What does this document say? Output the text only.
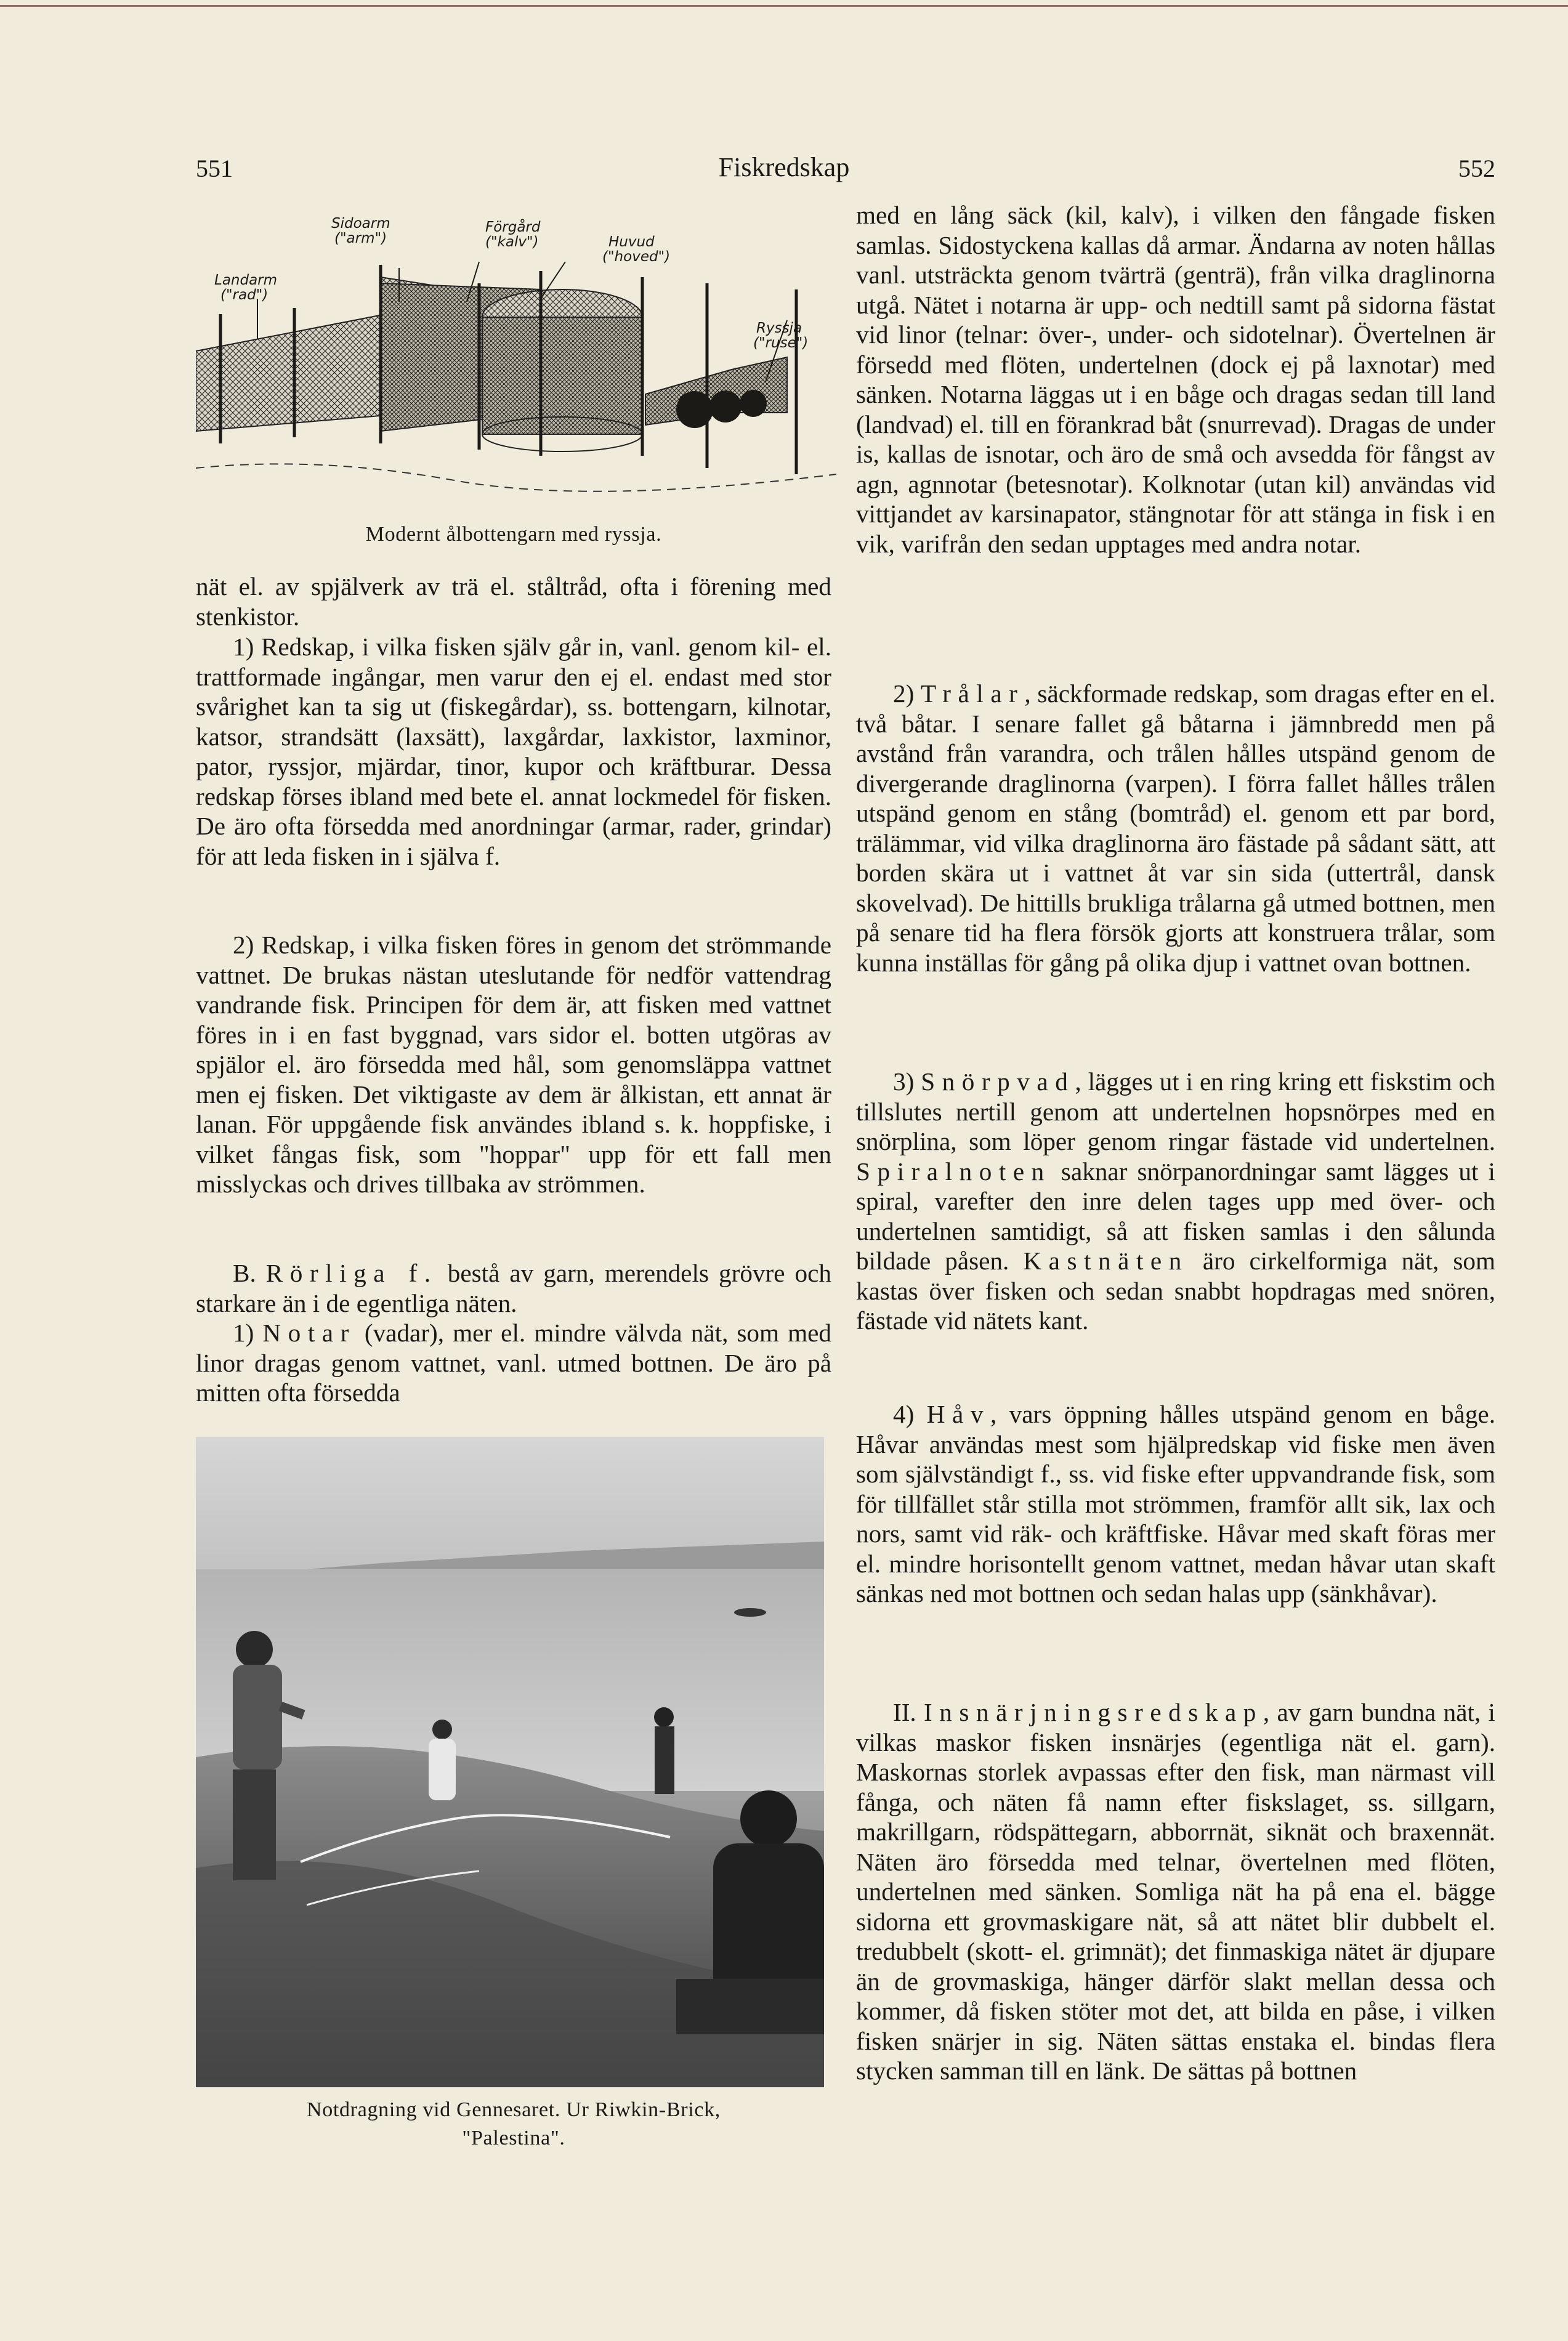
551	Fiskredskap	552
Landarm
("rad")
Sidoarm
("arm")
Förgård
("kalv")	Huvud
("hoved")
Ryssja
("ruse")

Modernt ålbottengarn med ryssja.

nät el. av spjälverk av trä el. ståltråd, ofta i förening med stenkistor.

1) Redskap, i vilka fisken själv går in, vanl. genom kil- el. trattformade ingångar, men varur den ej el. endast med stor svårighet kan ta sig ut (fiskegårdar), ss. bottengarn, kilnotar, katsor, strandsätt (laxsätt), laxgårdar, laxkistor, laxminor, pator, ryssjor, mjärdar, tinor, kupor och kräftburar. Dessa redskap förses ibland med bete el. annat lockmedel för fisken. De äro ofta försedda med anordningar (armar, rader, grindar) för att leda fisken in i själva f.

2) Redskap, i vilka fisken föres in genom det strömmande vattnet. De brukas nästan uteslutande för nedför vattendrag vandrande fisk. Principen för dem är, att fisken med vattnet föres in i en fast byggnad, vars sidor el. botten utgöras av spjälor el. äro försedda med hål, som genomsläppa vattnet men ej fisken. Det viktigaste av dem är ålkistan, ett annat är lanan. För uppgående fisk användes ibland s. k. hoppfiske, i vilket fångas fisk, som "hoppar" upp för ett fall men misslyckas och drives tillbaka av strömmen.

B. Rörliga f. bestå av garn, merendels grövre och starkare än i de egentliga näten.

1) Notar (vadar), mer el. mindre välvda nät, som med linor dragas genom vattnet, vanl. utmed bottnen. De äro på mitten ofta försedda

Notdragning vid Gennesaret. Ur Riwkin-Brick,

"Palestina".

med en lång säck (kil, kalv), i vilken den fångade fisken samlas. Sidostyckena kallas då armar. Ändarna av noten hållas vanl. utsträckta genom tvärträ (genträ), från vilka draglinorna utgå. Nätet i notarna är upp- och nedtill samt på sidorna fästat vid linor (telnar: över-, under- och sidotelnar). Övertelnen är försedd med flöten, undertelnen (dock ej på laxnotar) med sänken. Notarna läggas ut i en båge och dragas sedan till land (landvad) el. till en förankrad båt (snurrevad). Dragas de under is, kallas de isnotar, och äro de små och avsedda för fångst av agn, agnnotar (betesnotar). Kolknotar (utan kil) användas vid vittjandet av karsinapator, stängnotar för att stänga in fisk i en vik, varifrån den sedan upptages med andra notar.

2) Trålar, säckformade redskap, som dragas efter en el. två båtar. I senare fallet gå båtarna i jämnbredd men på avstånd från varandra, och trålen hålles utspänd genom de divergerande draglinorna (varpen). I förra fallet hålles trålen utspänd genom en stång (bomtråd) el. genom ett par bord, trälämmar, vid vilka draglinorna äro fästade på sådant sätt, att borden skära ut i vattnet åt var sin sida (uttertrål, dansk skovelvad). De hittills brukliga trålarna gå utmed bottnen, men på senare tid ha flera försök gjorts att konstruera trålar, som kunna inställas för gång på olika djup i vattnet ovan bottnen.

3) Snörpvad, lägges ut i en ring kring ett fiskstim och tillslutes nertill genom att undertelnen hopsnörpes med en snörplina, som löper genom ringar fästade vid undertelnen. Spiralnoten saknar snörpanordningar samt lägges ut i spiral, varefter den inre delen tages upp med över- och undertelnen samtidigt, så att fisken samlas i den sålunda bildade påsen. Kastnäten äro cirkelformiga nät, som kastas över fisken och sedan snabbt hopdragas med snören, fästade vid nätets kant.

4) Håv, vars öppning hålles utspänd genom en båge. Håvar användas mest som hjälpredskap vid fiske men även som självständigt f., ss. vid fiske efter uppvandrande fisk, som för tillfället står stilla mot strömmen, framför allt sik, lax och nors, samt vid räk- och kräftfiske. Håvar med skaft föras mer el. mindre horisontellt genom vattnet, medan håvar utan skaft sänkas ned mot bottnen och sedan halas upp (sänkhåvar).

II. Insnärjningsredskap, av garn bundna nät, i vilkas maskor fisken insnärjes (egentliga nät el. garn). Maskornas storlek avpassas efter den fisk, man närmast vill fånga, och näten få namn efter fiskslaget, ss. sillgarn, makrillgarn, rödspättegarn, abborrnät, siknät och braxennät. Näten äro försedda med telnar, övertelnen med flöten, undertelnen med sänken. Somliga nät ha på ena el. bägge sidorna ett grovmaskigare nät, så att nätet blir dubbelt el. tredubbelt (skott- el. grimnät); det finmaskiga nätet är djupare än de grovmaskiga, hänger därför slakt mellan dessa och kommer, då fisken stöter mot det, att bilda en påse, i vilken fisken snärjer in sig. Näten sättas enstaka el. bindas flera stycken samman till en länk. De sättas på bottnen
